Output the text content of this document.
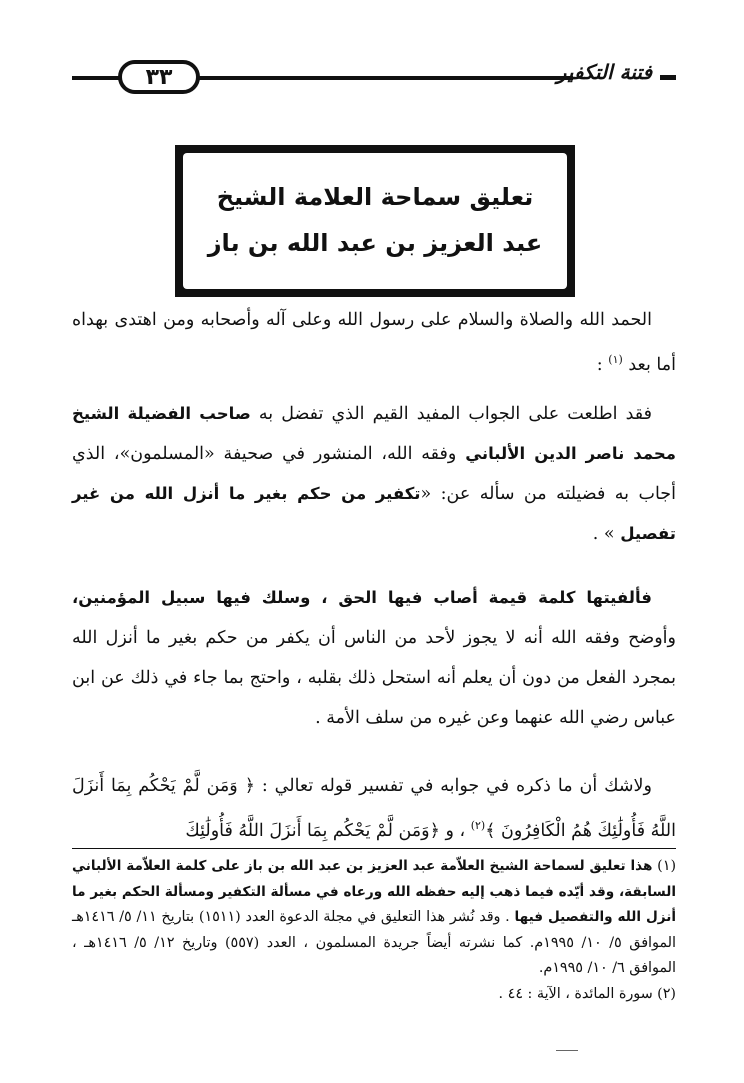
٣٣	فتنة التكفير
تعليق سماحة العلامة الشيخ
عبد العزيز بن عبد الله بن باز
الحمد الله والصلاة والسلام على رسول الله وعلى آله وأصحابه ومن اهتدى بهداه أما بعد $^{(١)}$ :
فقد اطلعت على الجواب المفيد القيم الذي تفضل به صاحب الفضيلة الشيخ محمد ناصر الدين الألباني وفقه الله، المنشور في صحيفة «المسلمون»، الذي أجاب به فضيلته من سأله عن: «تكفير من حكم بغير ما أنزل الله من غير تفصيل » .
فألفيتها كلمة قيمة أصاب فيها الحق ، وسلك فيها سبيل المؤمنين، وأوضح وفقه الله أنه لا يجوز لأحد من الناس أن يكفر من حكم بغير ما أنزل الله بمجرد الفعل من دون أن يعلم أنه استحل ذلك بقلبه ، واحتج بما جاء في ذلك عن ابن عباس رضي الله عنهما وعن غيره من سلف الأمة .
ولاشك أن ما ذكره في جوابه في تفسير قوله تعالي : ﴿ وَمَن لَّمْ يَحْكُم بِمَا أَنزَلَ اللَّهُ فَأُولَٰئِكَ هُمُ الْكَافِرُونَ ﴾$^{(٢)}$ ، و ﴿وَمَن لَّمْ يَحْكُم بِمَا أَنزَلَ اللَّهُ فَأُولَٰئِكَ

(١) هذا تعليق لسماحة الشيخ العلاّمة عبد العزيز بن عبد الله بن باز على كلمة العلاّمة الألباني السابقة، وقد أيّده فيما ذهب إليه حفظه الله ورعاه في مسألة التكفير ومسألة الحكم بغير ما أنزل الله والتفصيل فيها . وقد نُشر هذا التعليق في مجلة الدعوة العدد (١٥١١) بتاريخ ١١/ ٥/ ١٤١٦هـ الموافق ٥/ ١٠/ ١٩٩٥م. كما نشرته أيضاً جريدة المسلمون ، العدد (٥٥٧) وتاريخ ١٢/ ٥/ ١٤١٦هـ ، الموافق ٦/ ١٠/ ١٩٩٥م.

(٢) سورة المائدة ، الآية : ٤٤ .
